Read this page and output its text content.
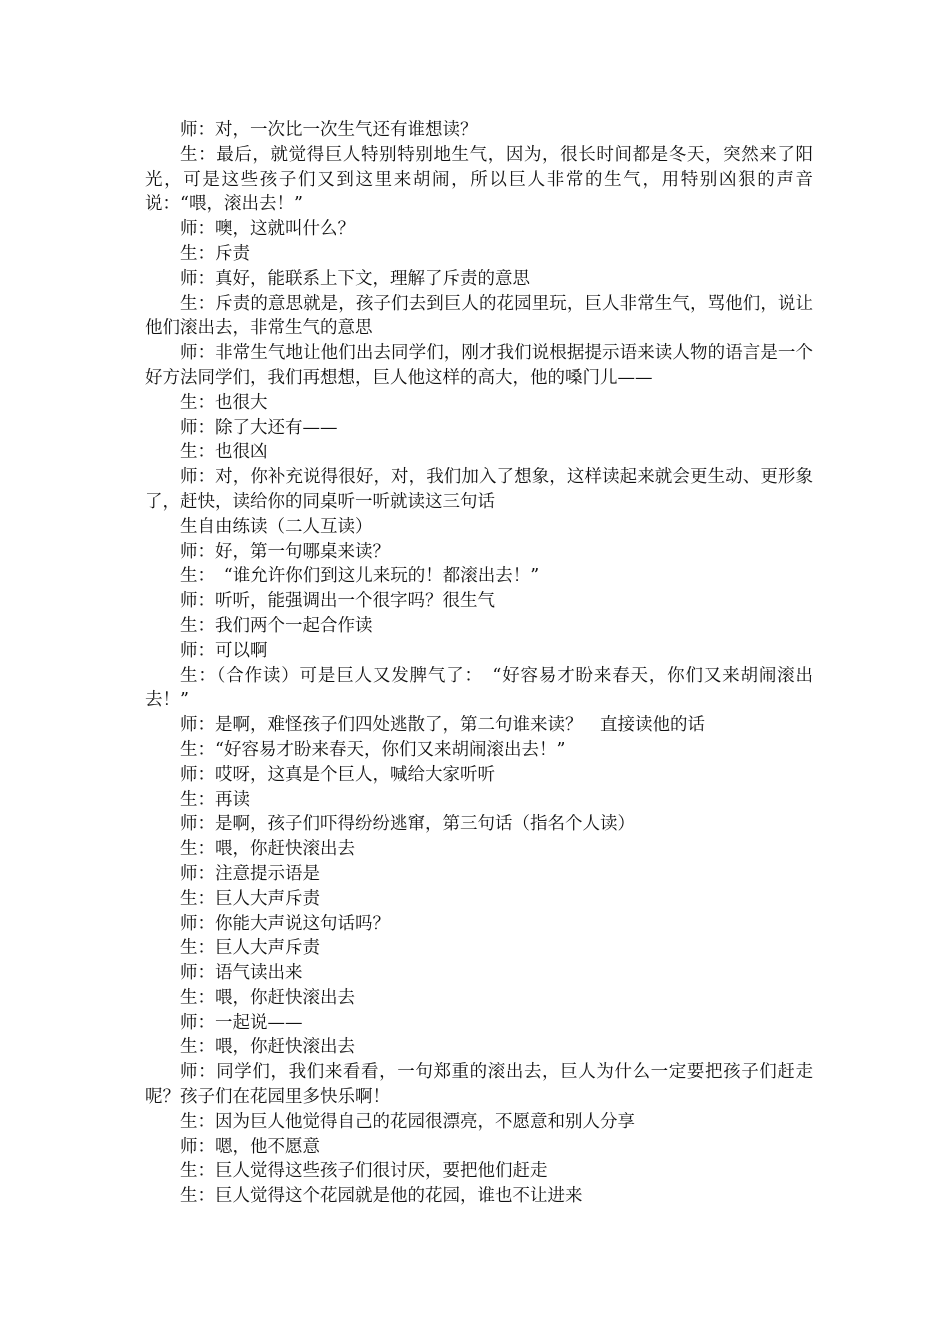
师：对，一次比一次生气还有谁想读？

生：最后，就觉得巨人特别特别地生气，因为，很长时间都是冬天，突然来了阳光，可是这些孩子们又到这里来胡闹，所以巨人非常的生气，用特别凶狠的声音说：“喂，滚出去！”

师：噢，这就叫什么？

生：斥责

师：真好，能联系上下文，理解了斥责的意思

生：斥责的意思就是，孩子们去到巨人的花园里玩，巨人非常生气，骂他们，说让他们滚出去，非常生气的意思

师：非常生气地让他们出去同学们，刚才我们说根据提示语来读人物的语言是一个好方法同学们，我们再想想，巨人他这样的高大，他的嗓门儿——

生：也很大

师：除了大还有——

生：也很凶

师：对，你补充说得很好，对，我们加入了想象，这样读起来就会更生动、更形象了，赶快，读给你的同桌听一听就读这三句话

生自由练读（二人互读）

师：好，第一句哪桌来读？

生：　“谁允许你们到这儿来玩的！都滚出去！”

师：听听，能强调出一个很字吗？很生气

生：我们两个一起合作读

师：可以啊

生：（合作读）可是巨人又发脾气了：　“好容易才盼来春天，你们又来胡闹滚出去！”

师：是啊，难怪孩子们四处逃散了，第二句谁来读？　直接读他的话

生：“好容易才盼来春天，你们又来胡闹滚出去！”

师：哎呀，这真是个巨人，喊给大家听听

生：再读

师：是啊，孩子们吓得纷纷逃窜，第三句话（指名个人读）

生：喂，你赶快滚出去

师：注意提示语是

生：巨人大声斥责

师：你能大声说这句话吗？

生：巨人大声斥责

师：语气读出来

生：喂，你赶快滚出去

师：一起说——

生：喂，你赶快滚出去

师：同学们，我们来看看，一句郑重的滚出去，巨人为什么一定要把孩子们赶走呢？孩子们在花园里多快乐啊！

生：因为巨人他觉得自己的花园很漂亮，不愿意和别人分享

师：嗯，他不愿意

生：巨人觉得这些孩子们很讨厌，要把他们赶走

生：巨人觉得这个花园就是他的花园，谁也不让进来
